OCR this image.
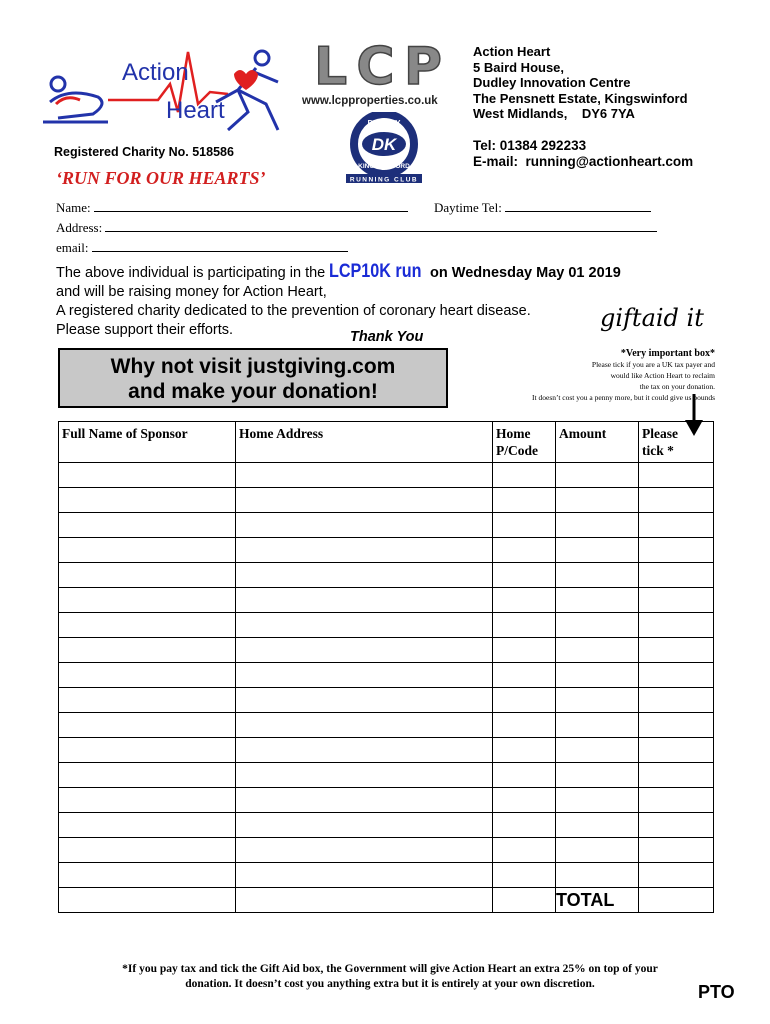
Action
Heart
LCP
www.lcpproperties.co.uk
DUDLEY
DK
KINGSWINFORD
RUNNING CLUB
Action Heart
5 Baird House,
Dudley Innovation Centre
The Pensnett Estate, Kingswinford
West Midlands,    DY6 7YA
Tel: 01384 292233
E-mail:  running@actionheart.com
Registered Charity No. 518586
‘RUN FOR OUR HEARTS’
Name:	Daytime Tel:
Address:
email:
The above individual is participating in the LCP10K run on Wednesday May 01 2019
and will be raising money for Action Heart,
A registered charity dedicated to the prevention of coronary heart disease.
Please support their efforts.	Thank You
giftaid it
Why not visit justgiving.com
and make your donation!
*Very important box*
Please tick if you are a UK tax payer and
would like Action Heart to reclaim
the tax on your donation.
It doesn’t cost you a penny more, but it could give us pounds
Full Name of Sponsor	Home Address	Home
P/Code	Amount	Please
tick *

			TOTAL	
*If you pay tax and tick the Gift Aid box, the Government will give Action Heart an extra 25% on top of your
donation. It doesn’t cost you anything extra but it is entirely at your own discretion.	PTO
